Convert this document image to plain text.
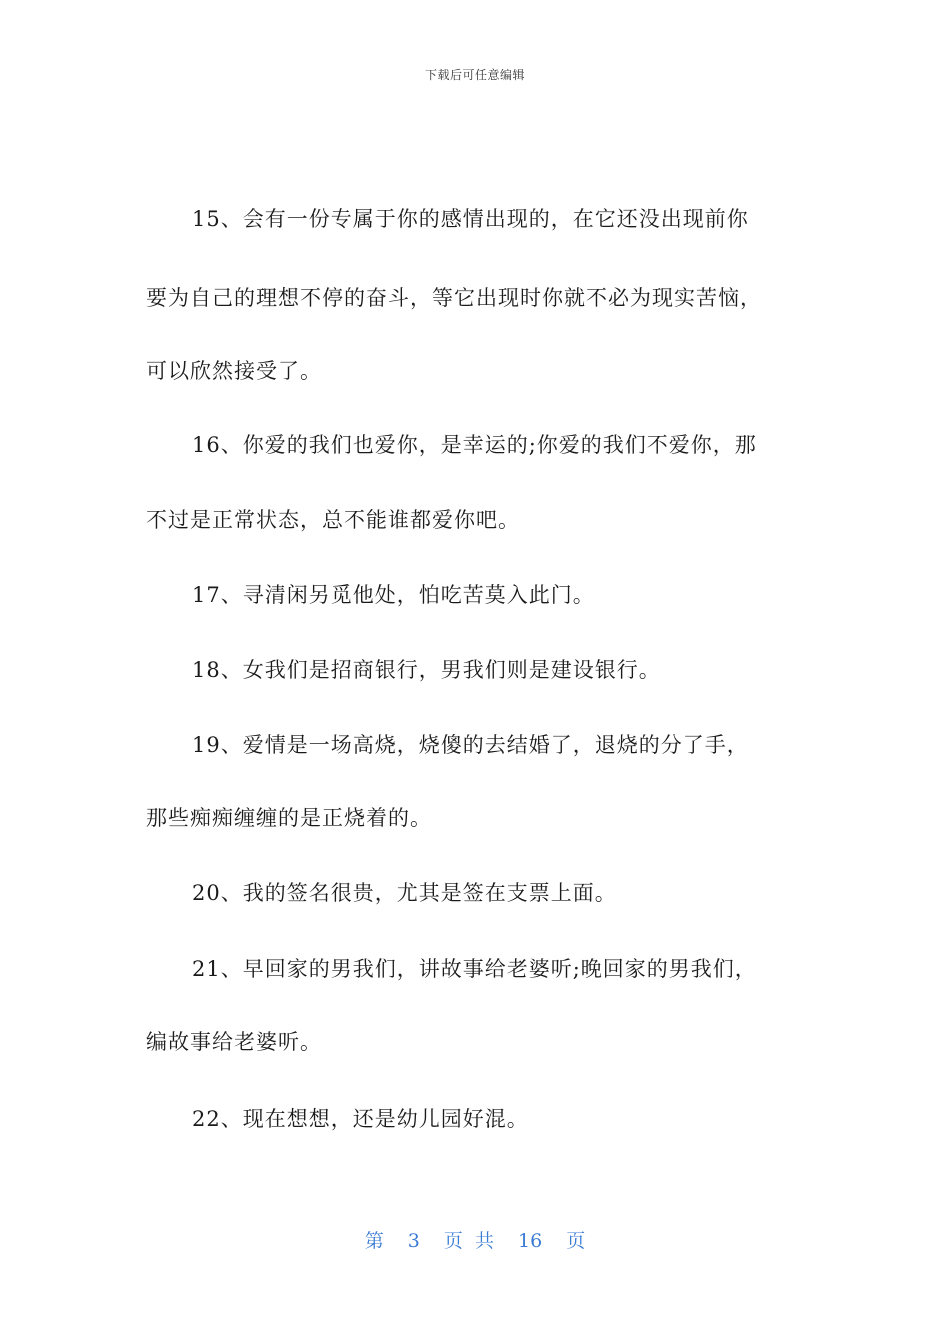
下载后可任意编辑
15、会有一份专属于你的感情出现的，在它还没出现前你
要为自己的理想不停的奋斗，等它出现时你就不必为现实苦恼，
可以欣然接受了。
16、你爱的我们也爱你，是幸运的;你爱的我们不爱你，那
不过是正常状态，总不能谁都爱你吧。
17、寻清闲另觅他处，怕吃苦莫入此门。
18、女我们是招商银行，男我们则是建设银行。
19、爱情是一场高烧，烧傻的去结婚了，退烧的分了手，
那些痴痴缠缠的是正烧着的。
20、我的签名很贵，尤其是签在支票上面。
21、早回家的男我们，讲故事给老婆听;晚回家的男我们，
编故事给老婆听。
22、现在想想，还是幼儿园好混。
第 3 页 共 16 页
